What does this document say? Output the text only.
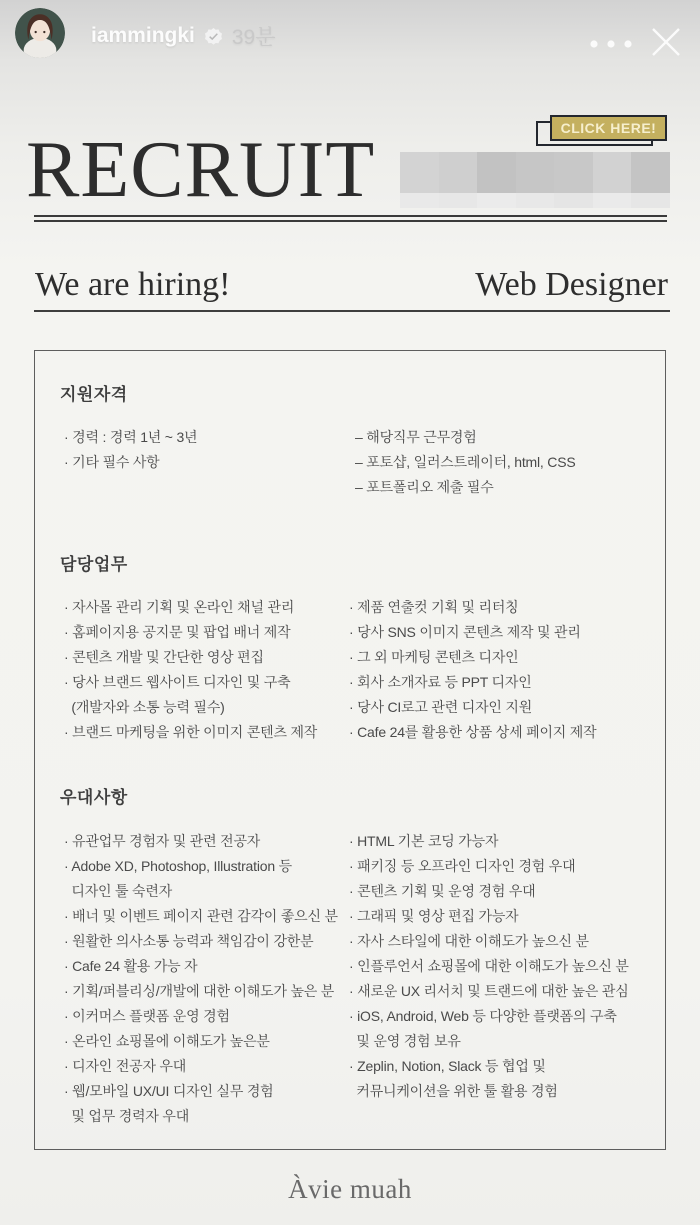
iammingki 39분
CLICK HERE!
RECRUIT
We are hiring!	Web Designer
지원자격
· 경력 : 경력 1년 ~ 3년
· 기타 필수 사항
– 해당직무 근무경험
– 포토샵, 일러스트레이터, html, CSS
– 포트폴리오 제출 필수
담당업무
· 자사몰 관리 기획 및 온라인 채널 관리
· 홈페이지용 공지문 및 팝업 배너 제작
· 콘텐츠 개발 및 간단한 영상 편집
· 당사 브랜드 웹사이트 디자인 및 구축
(개발자와 소통 능력 필수)
· 브랜드 마케팅을 위한 이미지 콘텐츠 제작
· 제품 연출컷 기획 및 리터칭
· 당사 SNS 이미지 콘텐츠 제작 및 관리
· 그 외 마케팅 콘텐츠 디자인
· 회사 소개자료 등 PPT 디자인
· 당사 CI로고 관련 디자인 지원
· Cafe 24를 활용한 상품 상세 페이지 제작
우대사항
· 유관업무 경험자 및 관련 전공자
· Adobe XD, Photoshop, Illustration 등
디자인 툴 숙련자
· 배너 및 이벤트 페이지 관련 감각이 좋으신 분
· 원활한 의사소통 능력과 책임감이 강한분
· Cafe 24 활용 가능 자
· 기획/퍼블리싱/개발에 대한 이해도가 높은 분
· 이커머스 플랫폼 운영 경험
· 온라인 쇼핑몰에 이해도가 높은분
· 디자인 전공자 우대
· 웹/모바일 UX/UI 디자인 실무 경험
및 업무 경력자 우대
· HTML 기본 코딩 가능자
· 패키징 등 오프라인 디자인 경험 우대
· 콘텐츠 기획 및 운영 경험 우대
· 그래픽 및 영상 편집 가능자
· 자사 스타일에 대한 이해도가 높으신 분
· 인플루언서 쇼핑몰에 대한 이해도가 높으신 분
· 새로운 UX 리서치 및 트랜드에 대한 높은 관심
· iOS, Android, Web 등 다양한 플랫폼의 구축
및 운영 경험 보유
· Zeplin, Notion, Slack 등 협업 및
커뮤니케이션을 위한 툴 활용 경험
Àvie muah
